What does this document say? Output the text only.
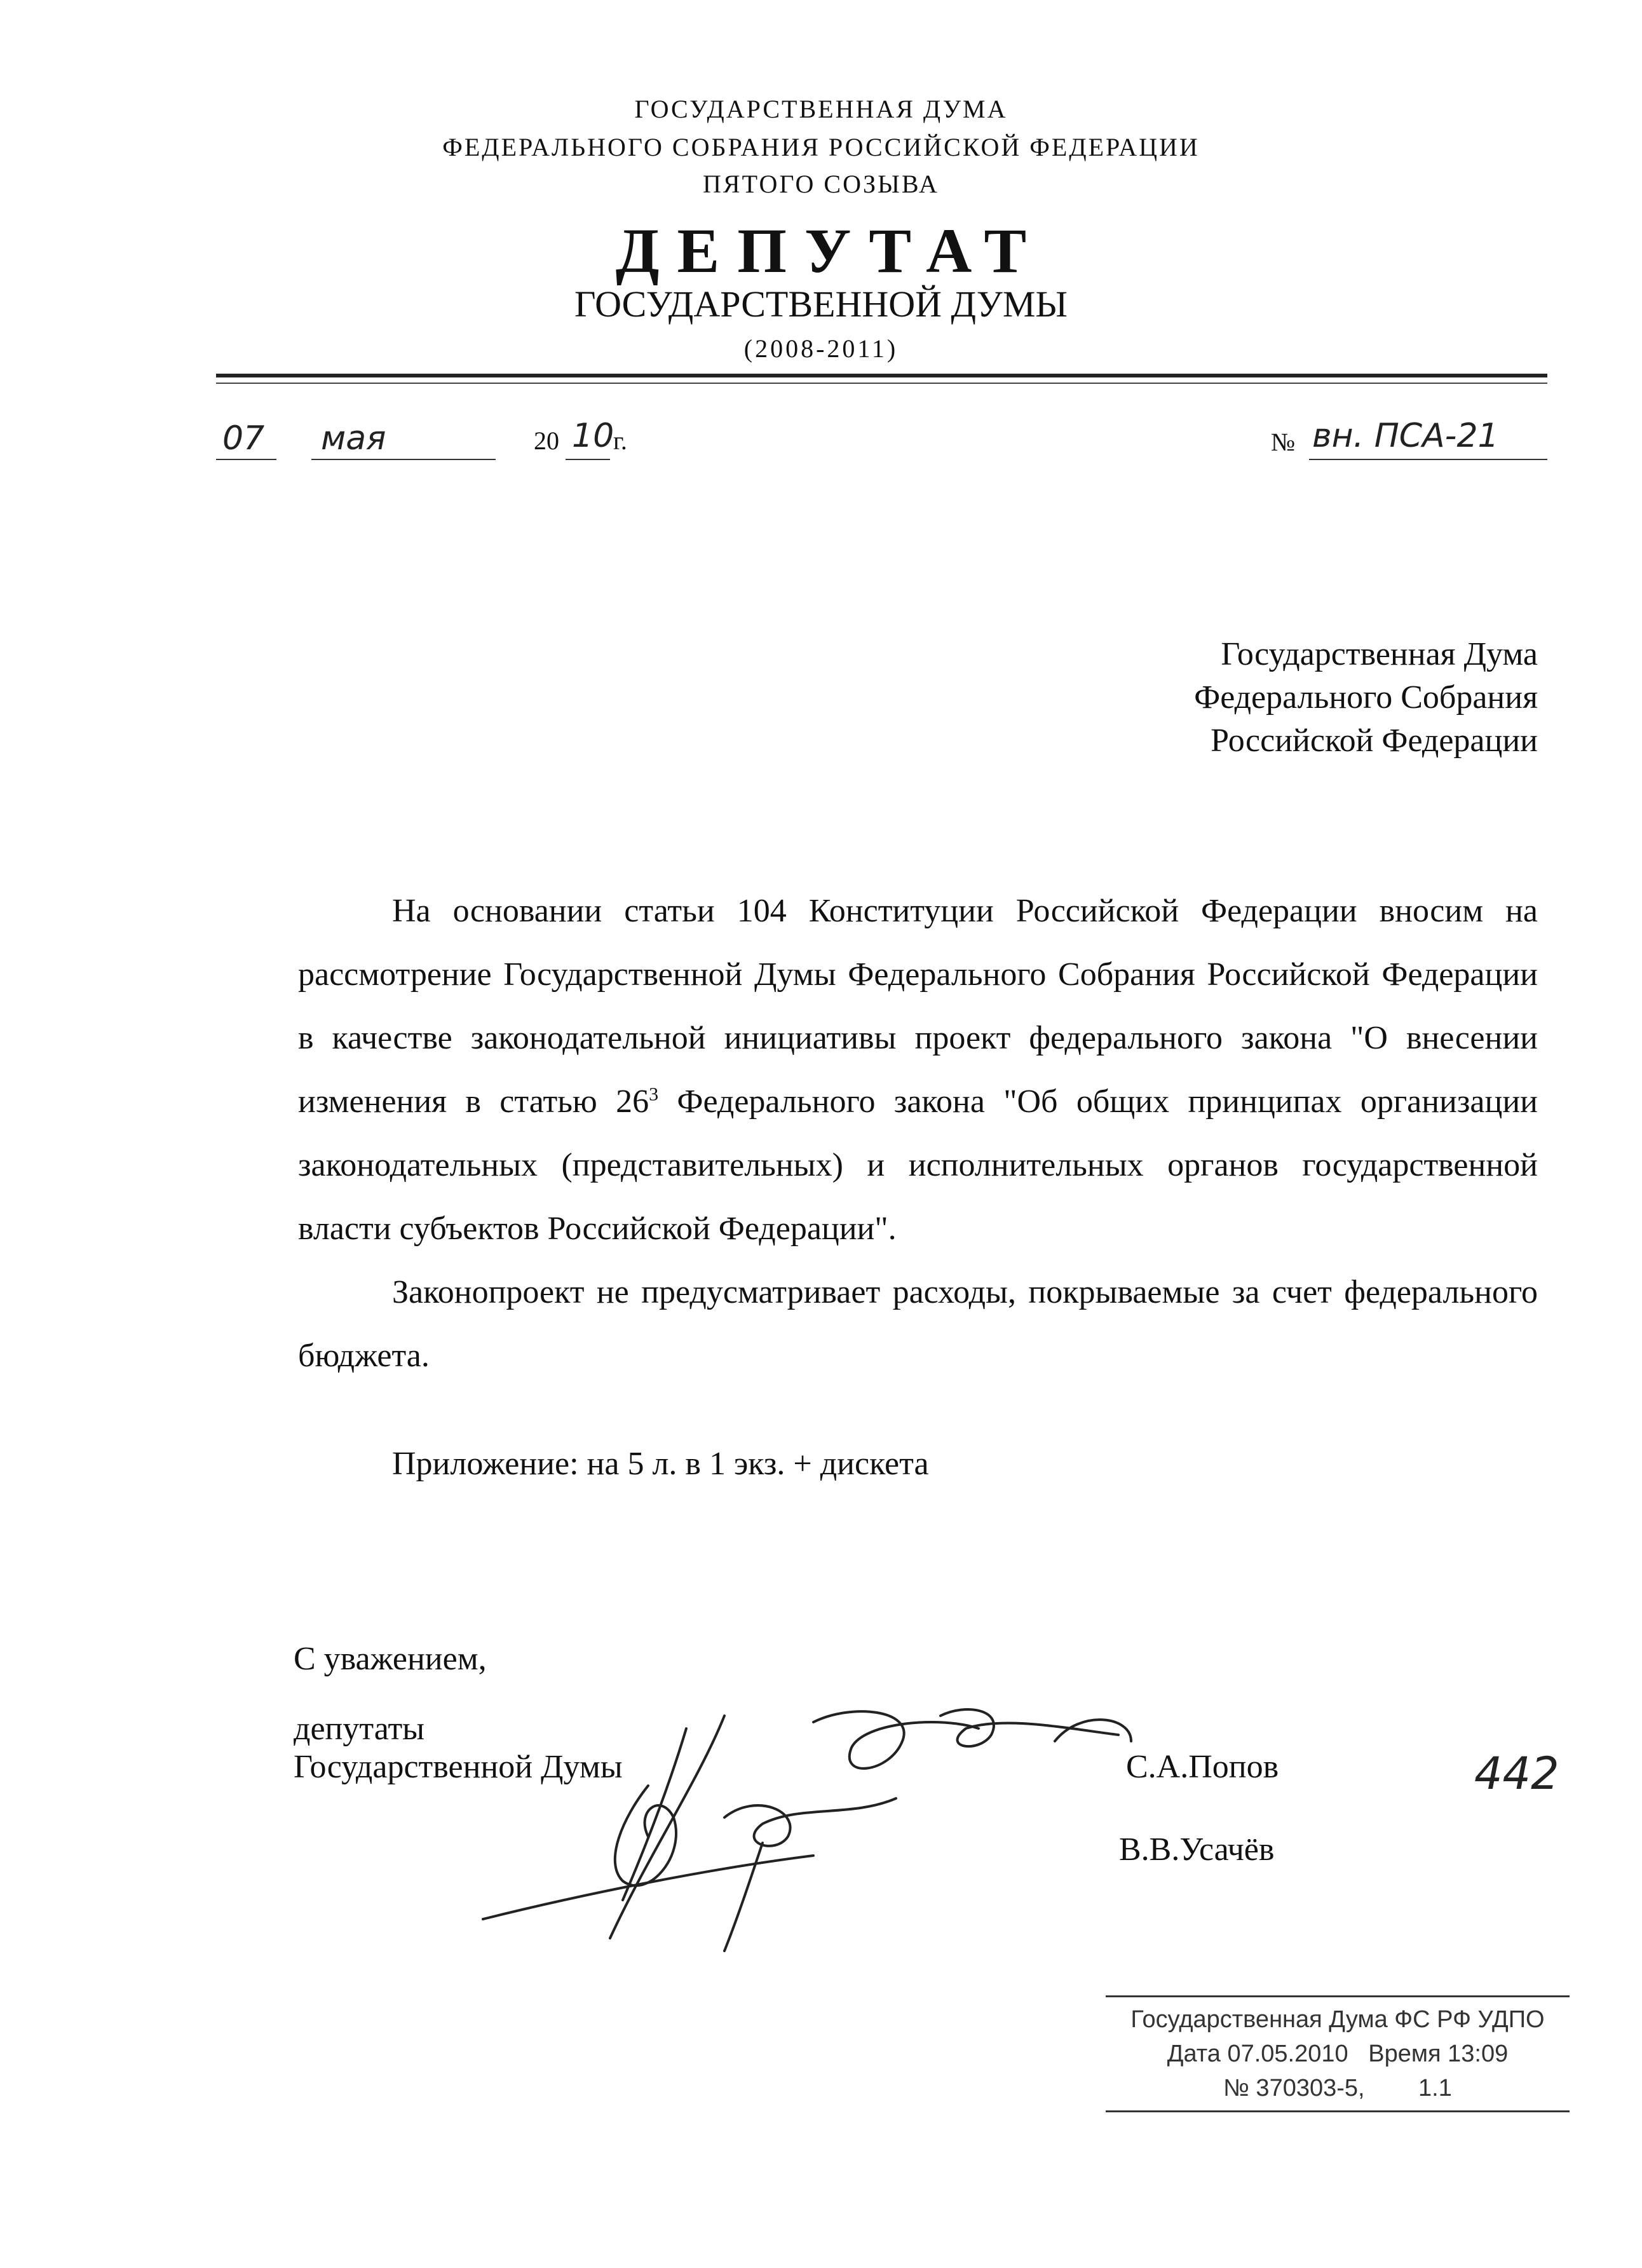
ГОСУДАРСТВЕННАЯ ДУМА
ФЕДЕРАЛЬНОГО СОБРАНИЯ РОССИЙСКОЙ ФЕДЕРАЦИИ
ПЯТОГО СОЗЫВА
ДЕПУТАТ
ГОСУДАРСТВЕННОЙ ДУМЫ
(2008-2011)
07 мая	20 10
г.	№ вн. ПСА-21
Государственная Дума
Федерального Собрания
Российской Федерации

На основании статьи 104 Конституции Российской Федерации вносим на рассмотрение Государственной Думы Федерального Собрания Российской Федерации в качестве законодательной инициативы проект федерального закона "О внесении изменения в статью $26^3$ Федерального закона "Об общих принципах организации законодательных (представительных) и исполнительных органов государственной власти субъектов Российской Федерации".

Законопроект не предусматривает расходы, покрываемые за счет федерального бюджета.

Приложение: на 5 л. в 1 экз. + дискета

С уважением,
депутаты
Государственной Думы	С.А.Попов
В.В.Усачёв
442
Государственная Дума ФС РФ УДПО
Дата 07.05.2010   Время 13:09
№ 370303-5,        1.1
